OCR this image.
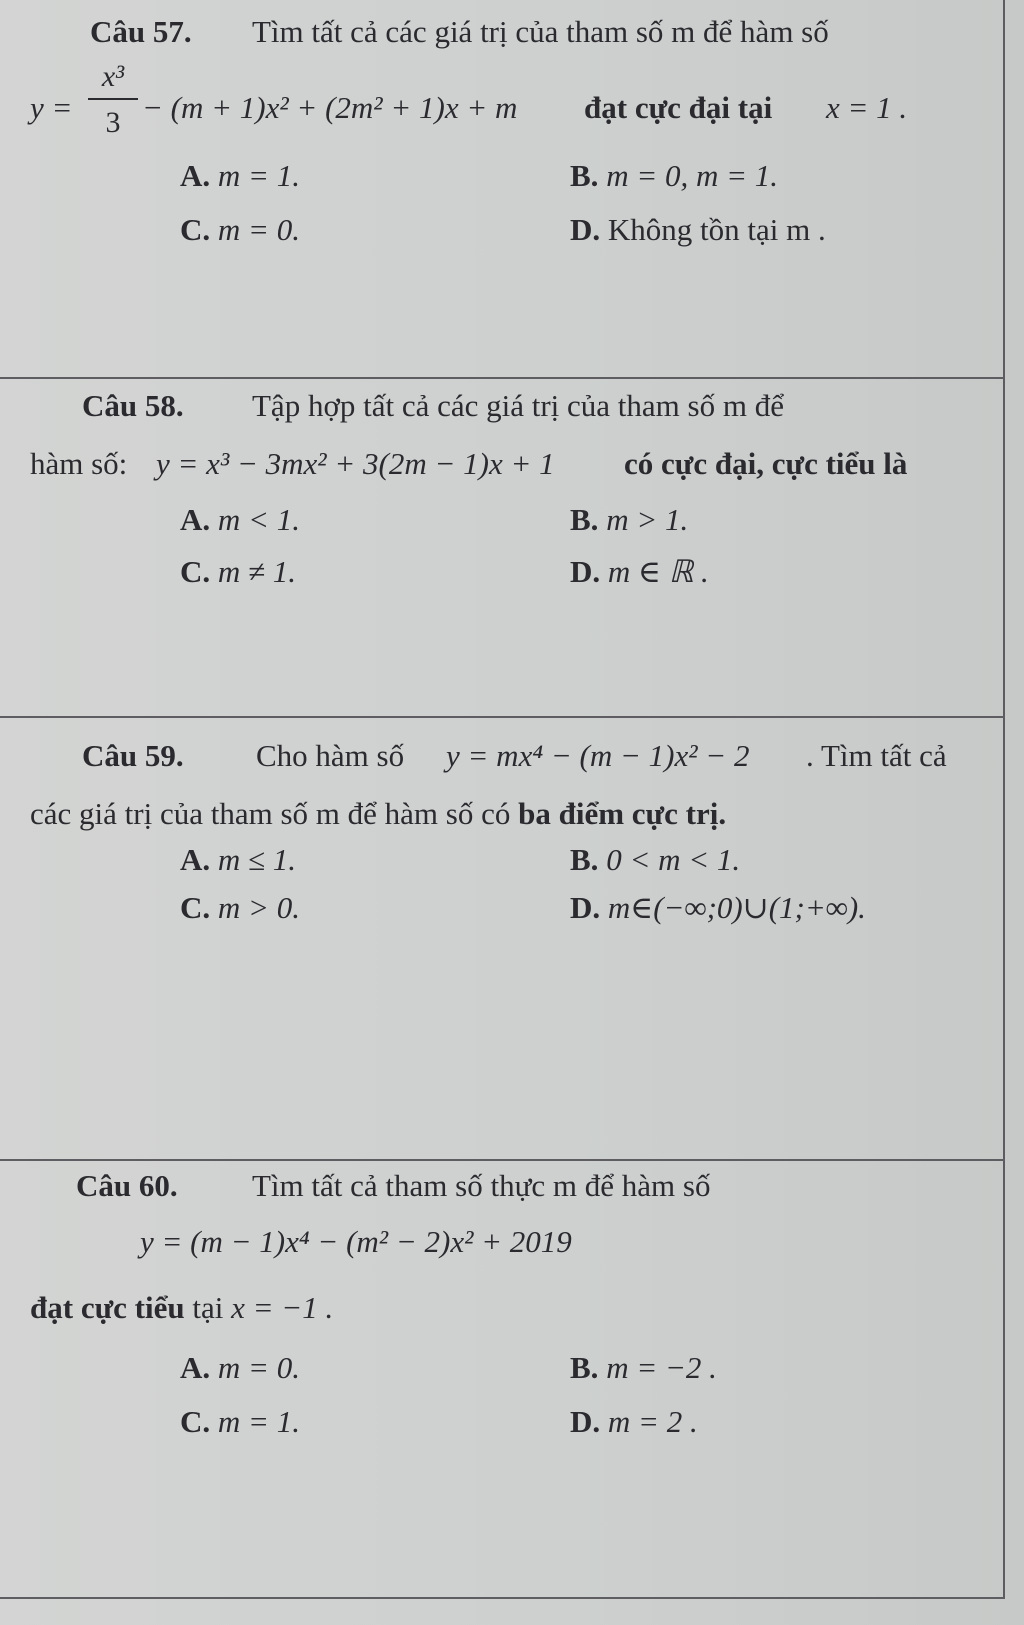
Câu 57. Tìm tất cả các giá trị của tham số m để hàm số
y =
x³
3 − (m + 1)x² + (2m² + 1)x + m đạt cực đại tại x = 1 .
A. m = 1.	B. m = 0, m = 1.
C. m = 0.	D. Không tồn tại m .
Câu 58. Tập hợp tất cả các giá trị của tham số m để
hàm số: y = x³ − 3mx² + 3(2m − 1)x + 1 có cực đại, cực tiểu là
A. m < 1.	B. m > 1.
C. m ≠ 1.	D. m ∈ ℝ .
Câu 59. Cho hàm số y = mx⁴ − (m − 1)x² − 2 . Tìm tất cả
các giá trị của tham số m để hàm số có ba điểm cực trị.
A. m ≤ 1.	B. 0 < m < 1.
C. m > 0.	D. m∈(−∞;0)∪(1;+∞).
Câu 60. Tìm tất cả tham số thực m để hàm số
y = (m − 1)x⁴ − (m² − 2)x² + 2019
đạt cực tiểu tại x = −1 .
A. m = 0.	B. m = −2 .
C. m = 1.	D. m = 2 .
